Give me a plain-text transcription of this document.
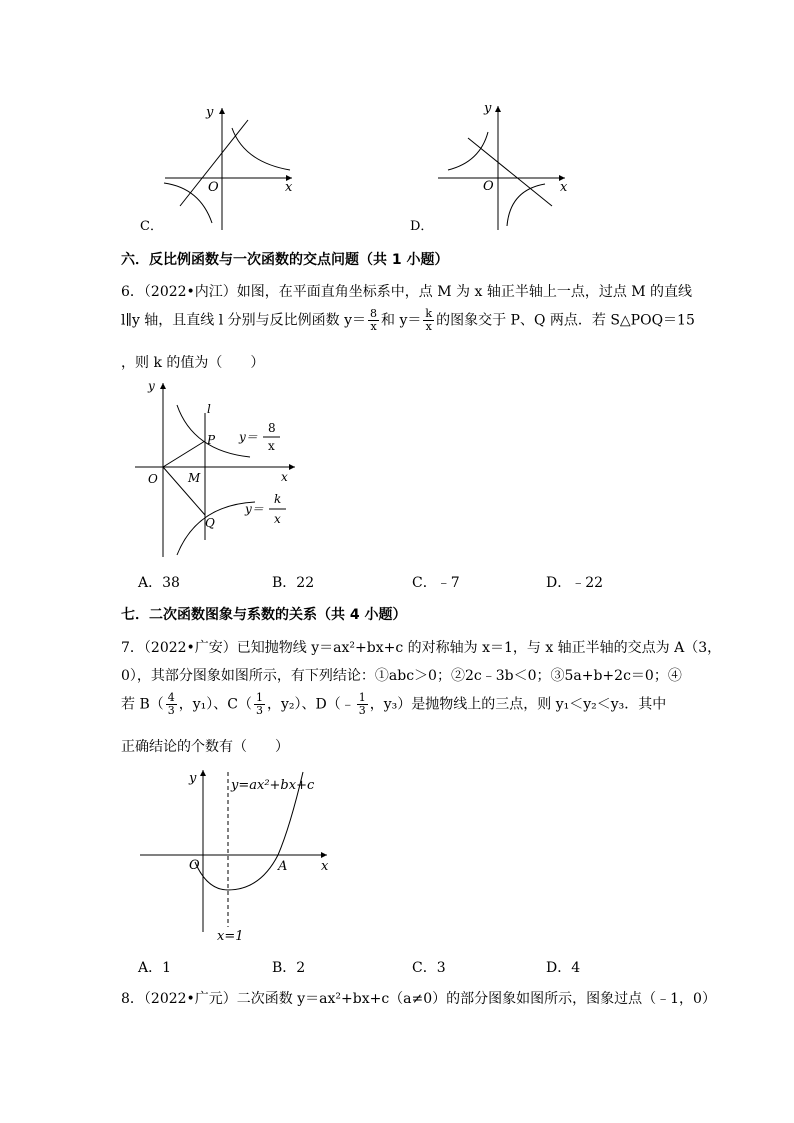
y
x
O
C．
y
x
O
D．
六．反比例函数与一次函数的交点问题（共 1 小题）
6．（2022•内江）如图，在平面直角坐标系中，点 M 为 x 轴正半轴上一点，过点 M 的直线
l∥y 轴，且直线 l 分别与反比例函数 $y= \frac{8}{x}$ 和 $y= \frac{k}{x}$ 的图象交于 P、Q 两点．若 S△POQ＝15
，则 k 的值为（　　）
y
l
P
O	M	x
Q
y＝
8
x
y＝
k
x
A．38	B．22	C．﹣7	D．﹣22
七．二次函数图象与系数的关系（共 4 小题）
7．（2022•广安）已知抛物线 y＝ax²+bx+c 的对称轴为 x＝1，与 x 轴正半轴的交点为 A（3，
0），其部分图象如图所示，有下列结论：①abc＞0；②2c﹣3b＜0；③5a+b+2c＝0；④
若 $B( \frac{4}{3}$ ，y₁）、$C( \frac{1}{3}$ ，y₂）、D（﹣ $\frac{1}{3}$ ，y₃）是抛物线上的三点，则 y₁＜y₂＜y₃．其中
正确结论的个数有（　　）
y	y=ax²+bx+c
O	A	x
x=1
A．1	B．2	C．3	D．4
8．（2022•广元）二次函数 y＝ax²+bx+c（a≠0）的部分图象如图所示，图象过点（﹣1，0）
